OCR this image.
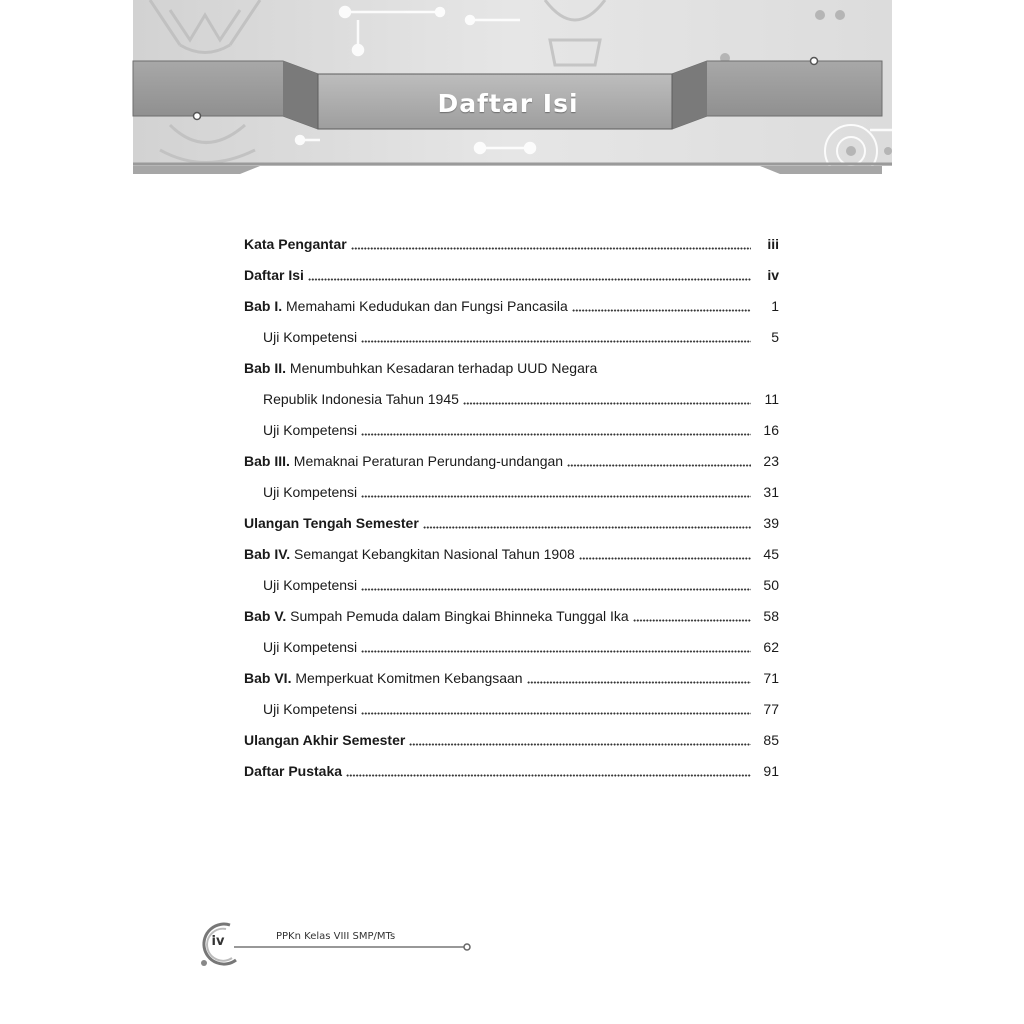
Daftar Isi
Kata Pengantar	iii
Daftar Isi	iv
Bab I. Memahami Kedudukan dan Fungsi Pancasila	1
Uji Kompetensi	5
Bab II. Menumbuhkan Kesadaran terhadap UUD Negara
Republik Indonesia Tahun 1945	11
Uji Kompetensi	16
Bab III. Memaknai Peraturan Perundang-undangan	23
Uji Kompetensi	31
Ulangan Tengah Semester	39
Bab IV. Semangat Kebangkitan Nasional Tahun 1908	45
Uji Kompetensi	50
Bab V. Sumpah Pemuda dalam Bingkai Bhinneka Tunggal Ika	58
Uji Kompetensi	62
Bab VI. Memperkuat Komitmen Kebangsaan	71
Uji Kompetensi	77
Ulangan Akhir Semester	85
Daftar Pustaka	91
iv	PPKn Kelas VIII SMP/MTs
